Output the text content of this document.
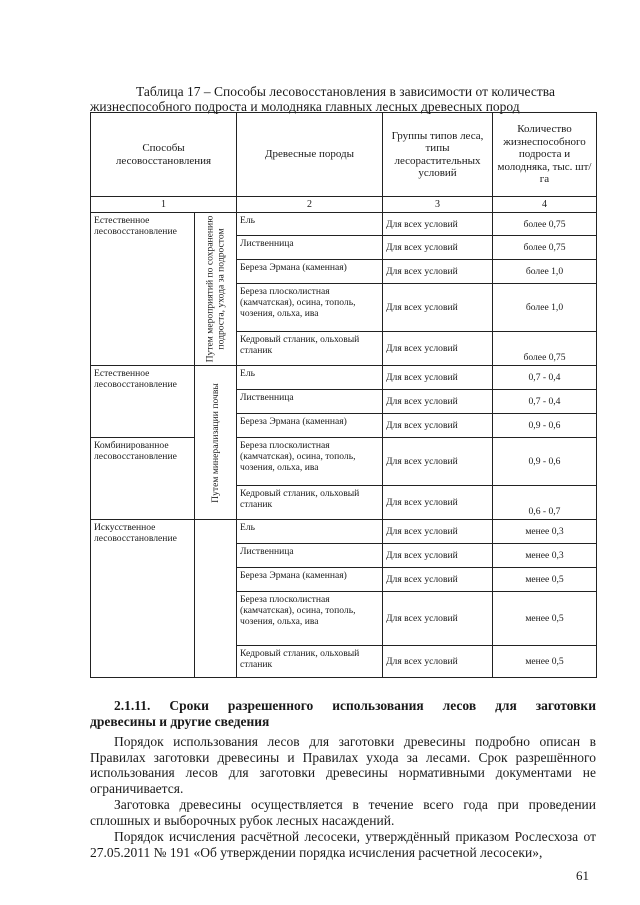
Таблица 17 – Способы лесовосстановления в зависимости от количества
жизнеспособного подроста и молодняка главных лесных древесных пород
Способы лесовосстановления		Древесные породы	Группы типов леса, типы лесорастительных условий	Количество жизнеспособного подроста и молодняка, тыс. шт/га
1		2	3	4
Естественное лесовосстановление	Путем мероприятий по сохранению подроста, ухода за подростом	Ель	Для всех условий	более 0,75
		Лиственница	Для всех условий	более 0,75
		Береза Эрмана (каменная)	Для всех условий	более 1,0
		Береза плосколистная (камчатская), осина, тополь, чозения, ольха, ива	Для всех условий	более 1,0
		Кедровый стланик, ольховый стланик	Для всех условий	более 0,75
Естественное лесовосстановление	Путем минерализации почвы	Ель	Для всех условий	0,7 - 0,4
		Лиственница	Для всех условий	0,7 - 0,4
		Береза Эрмана (каменная)	Для всех условий	0,9 - 0,6
Комбинированное лесовосстановление		Береза плосколистная (камчатская), осина, тополь, чозения, ольха, ива	Для всех условий	0,9 - 0,6
		Кедровый стланик, ольховый стланик	Для всех условий	0,6 - 0,7
Искусственное лесовосстановление		Ель	Для всех условий	менее 0,3
		Лиственница	Для всех условий	менее 0,3
		Береза Эрмана (каменная)	Для всех условий	менее 0,5
		Береза плосколистная (камчатская), осина, тополь, чозения, ольха, ива	Для всех условий	менее 0,5
		Кедровый стланик, ольховый стланик	Для всех условий	менее 0,5
2.1.11. Сроки разрешенного использования лесов для заготовки
древесины и другие сведения
Порядок использования лесов для заготовки древесины подробно описан в Правилах заготовки древесины и Правилах ухода за лесами. Срок разрешённого использования лесов для заготовки древесины нормативными документами не ограничивается.
Заготовка древесины осуществляется в течение всего года при проведении сплошных и выборочных рубок лесных насаждений.
Порядок исчисления расчётной лесосеки, утверждённый приказом Рослесхоза от 27.05.2011 № 191 «Об утверждении порядка исчисления расчетной лесосеки»,
61
